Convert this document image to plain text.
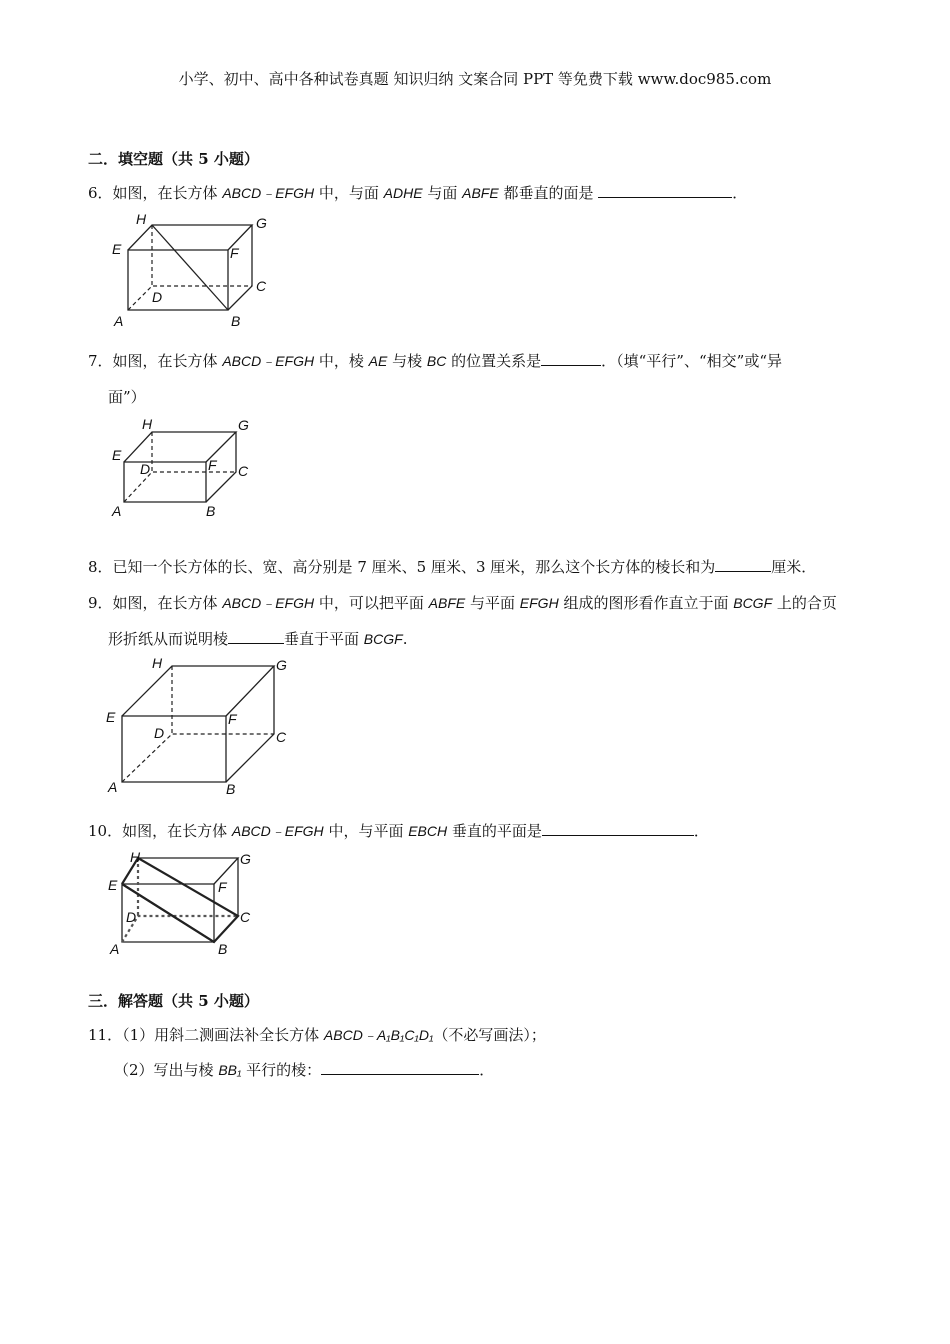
小学、初中、高中各种试卷真题 知识归纳 文案合同 PPT 等免费下载 www.doc985.com
二．填空题（共 5 小题）
6．如图，在长方体 ABCD﹣EFGH 中，与面 ADHE 与面 ABFE 都垂直的面是	．
E
H	G
F
C
D
A	B
7．如图，在长方体 ABCD﹣EFGH 中，棱 AE 与棱 BC 的位置关系是	．（填“平行”、“相交”或“异
面”）
E
H	G
F C
D
A	B
8．已知一个长方体的长、宽、高分别是 7 厘米、5 厘米、3 厘米，那么这个长方体的棱长和为	厘米．
9．如图，在长方体 ABCD﹣EFGH 中，可以把平面 ABFE 与平面 EFGH 组成的图形看作直立于面 BCGF 上的合页
形折纸从而说明棱	垂直于平面 BCGF.
E
H	G
F
C
D
A	B
10．如图，在长方体 ABCD﹣EFGH 中，与平面 EBCH 垂直的平面是	．
E
H	G
F
C
D
A	B
三．解答题（共 5 小题）
11．（1）用斜二测画法补全长方体 ABCD﹣A₁B₁C₁D₁（不必写画法）；
（2）写出与棱 BB₁ 平行的棱：	．
